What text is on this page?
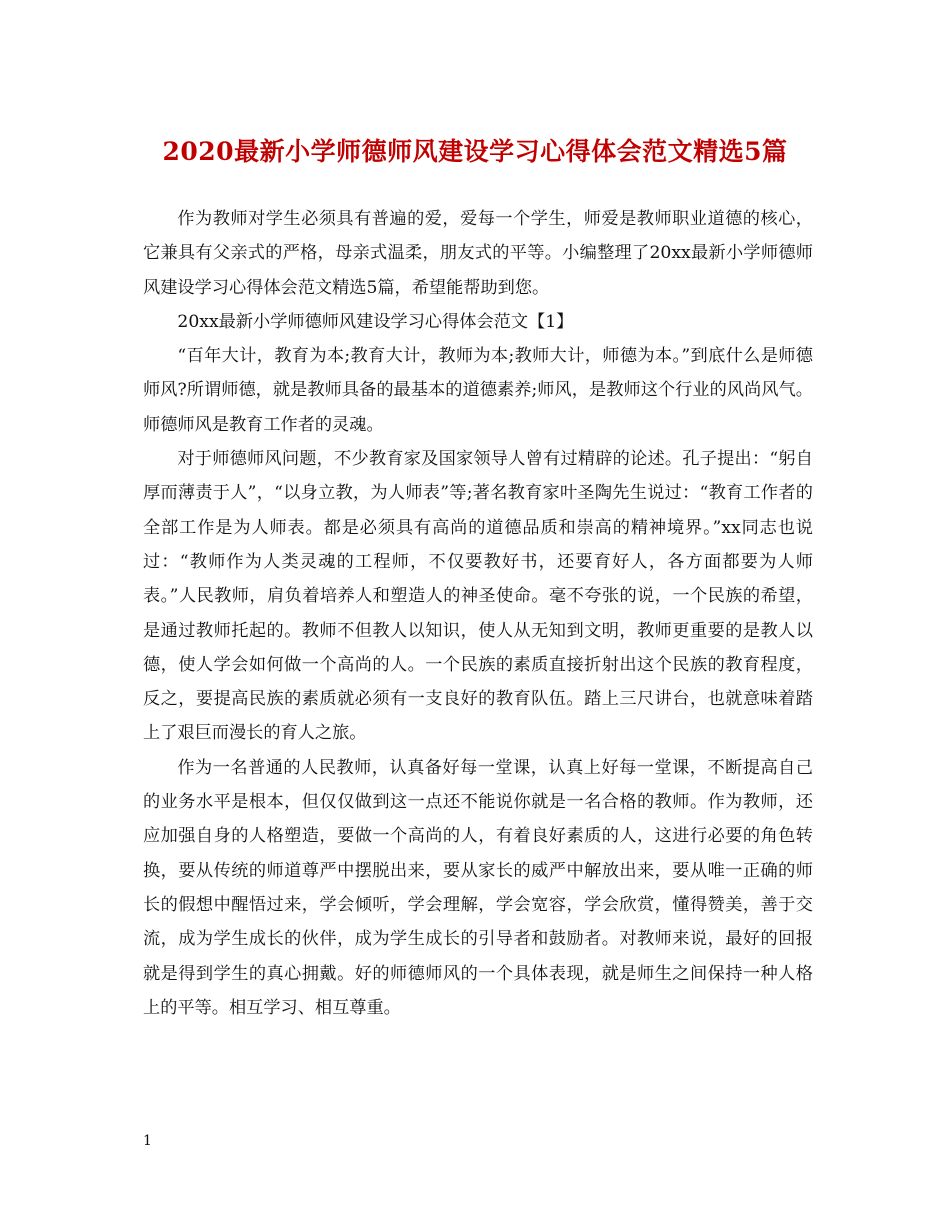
2020最新小学师德师风建设学习心得体会范文精选5篇

作为教师对学生必须具有普遍的爱，爱每一个学生，师爱是教师职业道德的核心，它兼具有父亲式的严格，母亲式温柔，朋友式的平等。小编整理了20xx最新小学师德师风建设学习心得体会范文精选5篇，希望能帮助到您。

20xx最新小学师德师风建设学习心得体会范文【1】

“百年大计，教育为本;教育大计，教师为本;教师大计，师德为本。”到底什么是师德师风?所谓师德，就是教师具备的最基本的道德素养;师风，是教师这个行业的风尚风气。师德师风是教育工作者的灵魂。

对于师德师风问题，不少教育家及国家领导人曾有过精辟的论述。孔子提出：“躬自厚而薄责于人”，“以身立教，为人师表”等;著名教育家叶圣陶先生说过：“教育工作者的全部工作是为人师表。都是必须具有高尚的道德品质和崇高的精神境界。”xx同志也说过：“教师作为人类灵魂的工程师，不仅要教好书，还要育好人，各方面都要为人师表。”人民教师，肩负着培养人和塑造人的神圣使命。毫不夸张的说，一个民族的希望，是通过教师托起的。教师不但教人以知识，使人从无知到文明，教师更重要的是教人以德，使人学会如何做一个高尚的人。一个民族的素质直接折射出这个民族的教育程度，反之，要提高民族的素质就必须有一支良好的教育队伍。踏上三尺讲台，也就意味着踏上了艰巨而漫长的育人之旅。

作为一名普通的人民教师，认真备好每一堂课，认真上好每一堂课，不断提高自己的业务水平是根本，但仅仅做到这一点还不能说你就是一名合格的教师。作为教师，还应加强自身的人格塑造，要做一个高尚的人，有着良好素质的人，这进行必要的角色转换，要从传统的师道尊严中摆脱出来，要从家长的威严中解放出来，要从唯一正确的师长的假想中醒悟过来，学会倾听，学会理解，学会宽容，学会欣赏，懂得赞美，善于交流，成为学生成长的伙伴，成为学生成长的引导者和鼓励者。对教师来说，最好的回报就是得到学生的真心拥戴。好的师德师风的一个具体表现，就是师生之间保持一种人格上的平等。相互学习、相互尊重。

1
